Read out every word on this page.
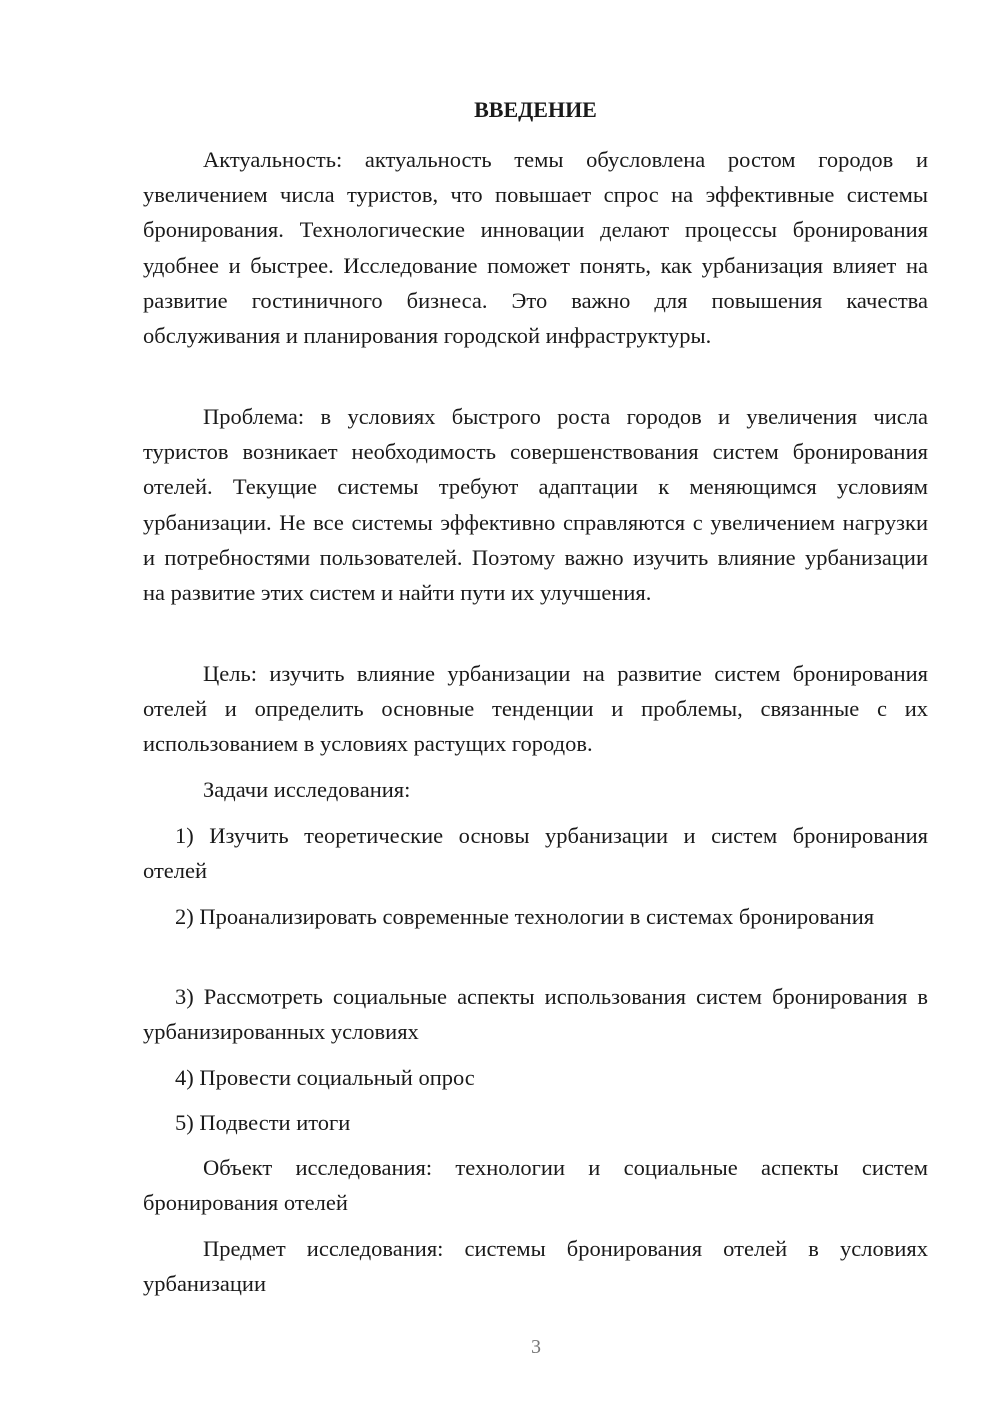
ВВЕДЕНИЕ

Актуальность: актуальность темы обусловлена ростом городов и увеличением числа туристов, что повышает спрос на эффективные системы бронирования. Технологические инновации делают процессы бронирования удобнее и быстрее. Исследование поможет понять, как урбанизация влияет на развитие гостиничного бизнеса. Это важно для повышения качества обслуживания и планирования городской инфраструктуры.

Проблема: в условиях быстрого роста городов и увеличения числа туристов возникает необходимость совершенствования систем бронирования отелей. Текущие системы требуют адаптации к меняющимся условиям урбанизации. Не все системы эффективно справляются с увеличением нагрузки и потребностями пользователей. Поэтому важно изучить влияние урбанизации на развитие этих систем и найти пути их улучшения.

Цель: изучить влияние урбанизации на развитие систем бронирования отелей и определить основные тенденции и проблемы, связанные с их использованием в условиях растущих городов.

Задачи исследования:

1) Изучить теоретические основы урбанизации и систем бронирования отелей

2) Проанализировать современные технологии в системах бронирования

3) Рассмотреть социальные аспекты использования систем бронирования в урбанизированных условиях

4) Провести социальный опрос

5) Подвести итоги

Объект исследования: технологии и социальные аспекты систем бронирования отелей

Предмет исследования: системы бронирования отелей в условиях урбанизации

3
